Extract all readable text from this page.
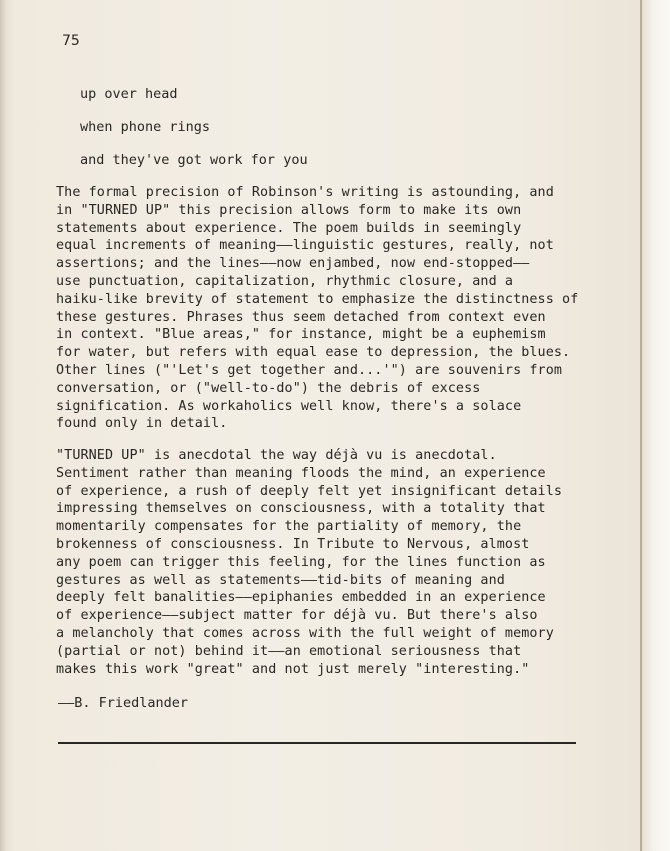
75
up over head
when phone rings
and they've got work for you
The formal precision of Robinson's writing is astounding, and
in "TURNED UP" this precision allows form to make its own
statements about experience. The poem builds in seemingly
equal increments of meaning——linguistic gestures, really, not
assertions; and the lines——now enjambed, now end-stopped——
use punctuation, capitalization, rhythmic closure, and a
haiku-like brevity of statement to emphasize the distinctness of
these gestures. Phrases thus seem detached from context even
in context. "Blue areas," for instance, might be a euphemism
for water, but refers with equal ease to depression, the blues.
Other lines ("'Let's get together and...'") are souvenirs from
conversation, or ("well-to-do") the debris of excess
signification. As workaholics well know, there's a solace
found only in detail.
"TURNED UP" is anecdotal the way déjà vu is anecdotal.
Sentiment rather than meaning floods the mind, an experience
of experience, a rush of deeply felt yet insignificant details
impressing themselves on consciousness, with a totality that
momentarily compensates for the partiality of memory, the
brokenness of consciousness. In Tribute to Nervous, almost
any poem can trigger this feeling, for the lines function as
gestures as well as statements——tid-bits of meaning and
deeply felt banalities——epiphanies embedded in an experience
of experience——subject matter for déjà vu. But there's also
a melancholy that comes across with the full weight of memory
(partial or not) behind it——an emotional seriousness that
makes this work "great" and not just merely "interesting."
——B. Friedlander
